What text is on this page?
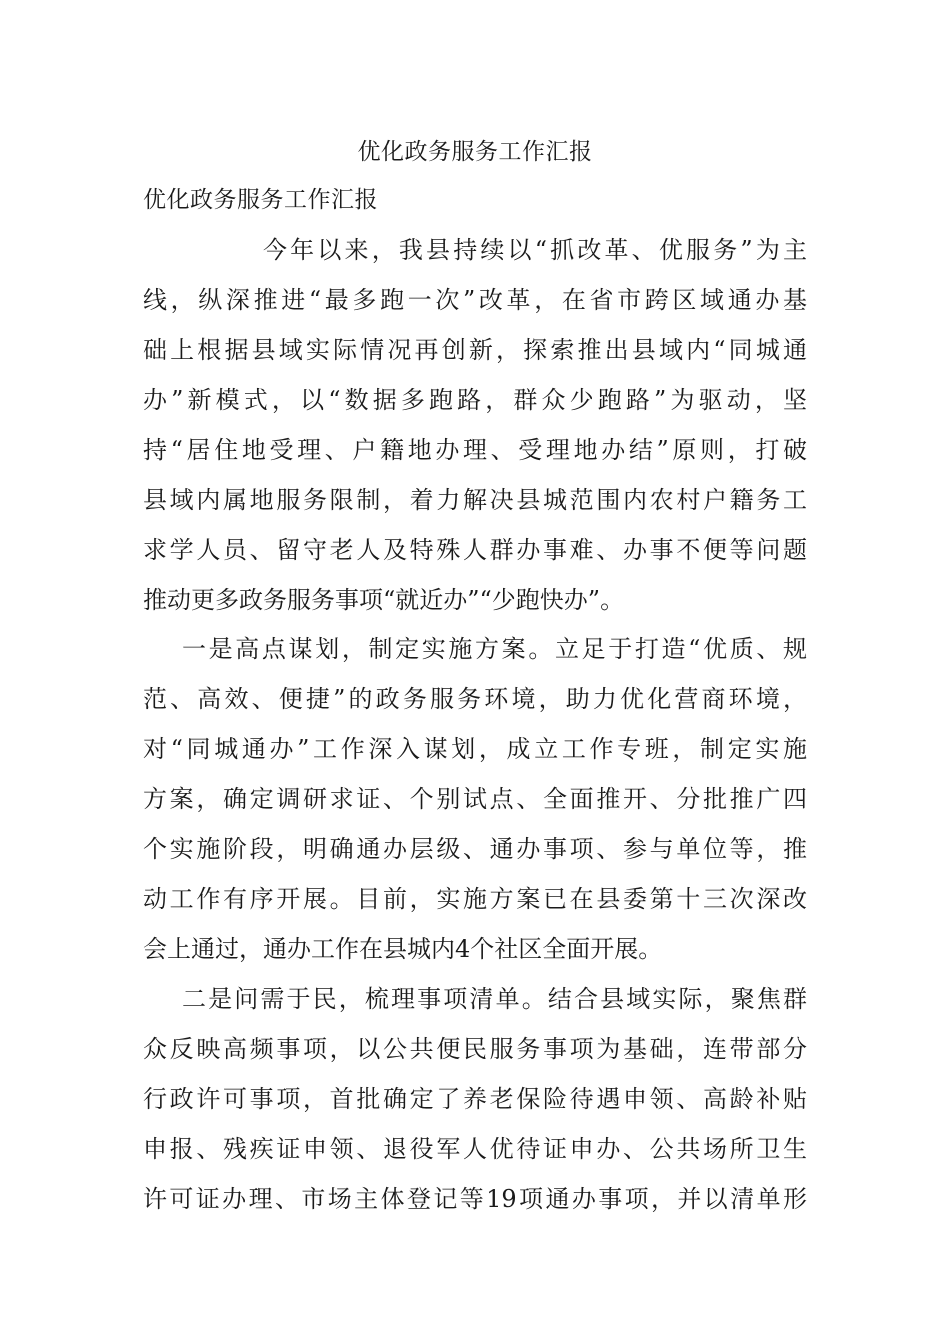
优化政务服务工作汇报
优化政务服务工作汇报
今年以来，我县持续以“抓改革、优服务”为主
线，纵深推进“最多跑一次”改革，在省市跨区域通办基
础上根据县域实际情况再创新，探索推出县域内“同城通
办”新模式，以“数据多跑路，群众少跑路”为驱动，坚
持“居住地受理、户籍地办理、受理地办结”原则，打破
县域内属地服务限制，着力解决县城范围内农村户籍务工
求学人员、留守老人及特殊人群办事难、办事不便等问题
推动更多政务服务事项“就近办”“少跑快办”。
一是高点谋划，制定实施方案。立足于打造“优质、规
范、高效、便捷”的政务服务环境，助力优化营商环境，
对“同城通办”工作深入谋划，成立工作专班，制定实施
方案，确定调研求证、个别试点、全面推开、分批推广四
个实施阶段，明确通办层级、通办事项、参与单位等，推
动工作有序开展。目前，实施方案已在县委第十三次深改
会上通过，通办工作在县城内4个社区全面开展。
二是问需于民，梳理事项清单。结合县域实际，聚焦群
众反映高频事项，以公共便民服务事项为基础，连带部分
行政许可事项，首批确定了养老保险待遇申领、高龄补贴
申报、残疾证申领、退役军人优待证申办、公共场所卫生
许可证办理、市场主体登记等19项通办事项，并以清单形
